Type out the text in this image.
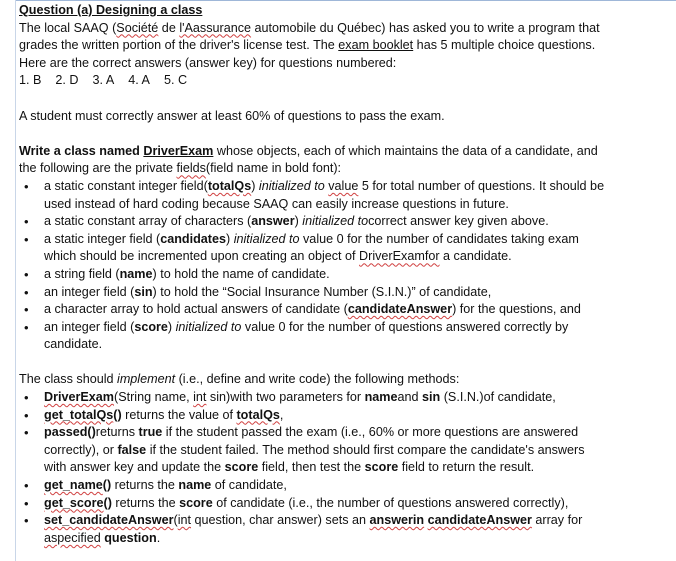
Question (a) Designing a class

The local SAAQ (Société de l'Aassurance automobile du Québec) has asked you to write a program that

grades the written portion of the driver's license test. The exam booklet has 5 multiple choice questions.

Here are the correct answers (answer key) for questions numbered:

1. B 2. D 3. A 4. A 5. C

A student must correctly answer at least 60% of questions to pass the exam.

Write a class named DriverExam whose objects, each of which maintains the data of a candidate, and

the following are the private fields(field name in bold font):

• a static constant integer field(totalQs) initialized to value 5 for total number of questions. It should be
used instead of hard coding because SAAQ can easily increase questions in future.
• a static constant array of characters (answer) initialized tocorrect answer key given above.
• a static integer field (candidates) initialized to value 0 for the number of candidates taking exam
which should be incremented upon creating an object of DriverExamfor a candidate.
• a string field (name) to hold the name of candidate.
• an integer field (sin) to hold the “Social Insurance Number (S.I.N.)” of candidate,
• a character array to hold actual answers of candidate (candidateAnswer) for the questions, and
• an integer field (score) initialized to value 0 for the number of questions answered correctly by
candidate.

The class should implement (i.e., define and write code) the following methods:

• DriverExam(String name, int sin)with two parameters for nameand sin (S.I.N.)of candidate,
• get_totalQs() returns the value of totalQs,
• passed()returns true if the student passed the exam (i.e., 60% or more questions are answered
correctly), or false if the student failed. The method should first compare the candidate's answers
with answer key and update the score field, then test the score field to return the result.
• get_name() returns the name of candidate,
• get_score() returns the score of candidate (i.e., the number of questions answered correctly),
• set_candidateAnswer(int question, char answer) sets an answerin candidateAnswer array for
aspecified question.
